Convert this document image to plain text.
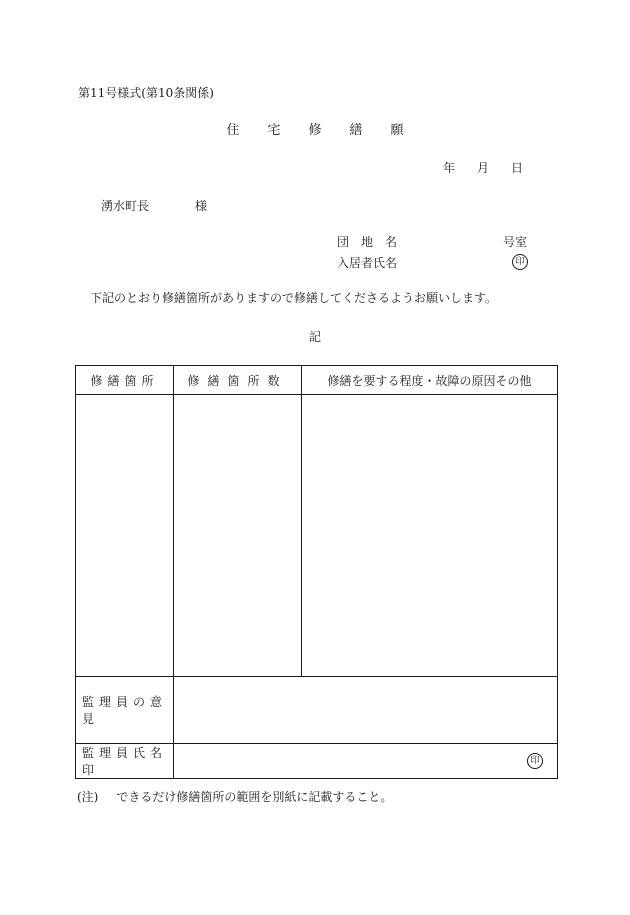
第11号様式(第10条関係)
住 宅 修 繕 願
年 月 日
湧水町長	様
団 地 名	号室
入居者氏名	印
下記のとおり修繕箇所がありますので修繕してくださるようお願いします。
記
修繕箇所	修繕箇所数	修繕を要する程度・故障の原因その他

監理員の意見		
監理員氏名印	印	
(注) できるだけ修繕箇所の範囲を別紙に記載すること。
